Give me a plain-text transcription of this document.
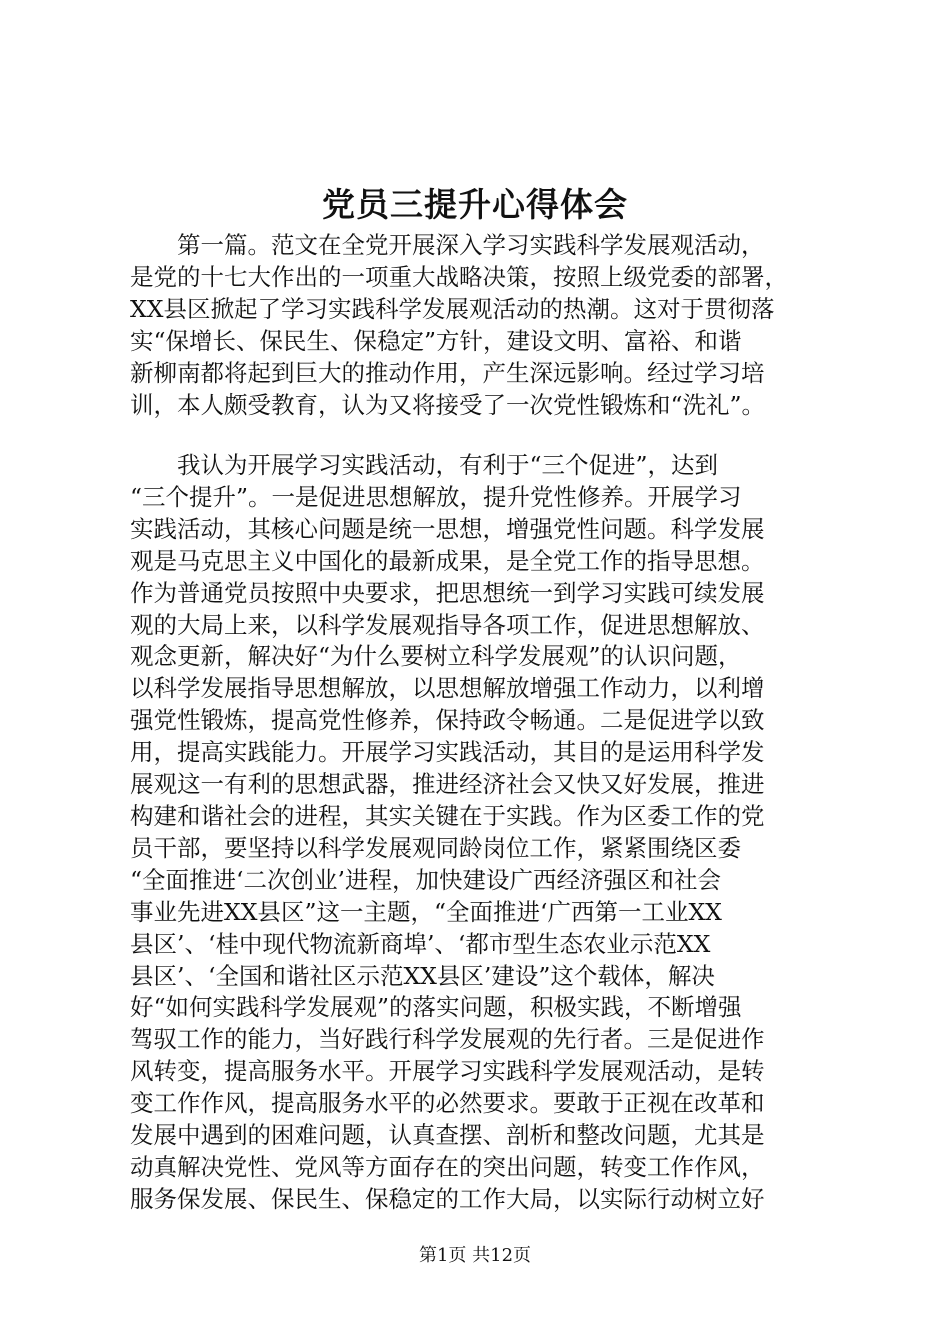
党员三提升心得体会

　　第一篇。范文在全党开展深入学习实践科学发展观活动，
是党的十七大作出的一项重大战略决策，按照上级党委的部署，
XX县区掀起了学习实践科学发展观活动的热潮。这对于贯彻落
实“保增长、保民生、保稳定”方针，建设文明、富裕、和谐
新柳南都将起到巨大的推动作用，产生深远影响。经过学习培
训，本人颇受教育，认为又将接受了一次党性锻炼和“洗礼”。

　　我认为开展学习实践活动，有利于“三个促进”，达到
“三个提升”。一是促进思想解放，提升党性修养。开展学习
实践活动，其核心问题是统一思想，增强党性问题。科学发展
观是马克思主义中国化的最新成果，是全党工作的指导思想。
作为普通党员按照中央要求，把思想统一到学习实践可续发展
观的大局上来，以科学发展观指导各项工作，促进思想解放、
观念更新，解决好“为什么要树立科学发展观”的认识问题，
以科学发展指导思想解放，以思想解放增强工作动力，以利增
强党性锻炼，提高党性修养，保持政令畅通。二是促进学以致
用，提高实践能力。开展学习实践活动，其目的是运用科学发
展观这一有利的思想武器，推进经济社会又快又好发展，推进
构建和谐社会的进程，其实关键在于实践。作为区委工作的党
员干部，要坚持以科学发展观同龄岗位工作，紧紧围绕区委
“全面推进‘二次创业’进程，加快建设广西经济强区和社会
事业先进XX县区”这一主题，“全面推进‘广西第一工业XX
县区’、‘桂中现代物流新商埠’、‘都市型生态农业示范XX
县区’、‘全国和谐社区示范XX县区’建设”这个载体，解决
好“如何实践科学发展观”的落实问题，积极实践，不断增强
驾驭工作的能力，当好践行科学发展观的先行者。三是促进作
风转变，提高服务水平。开展学习实践科学发展观活动，是转
变工作作风，提高服务水平的必然要求。要敢于正视在改革和
发展中遇到的困难问题，认真查摆、剖析和整改问题，尤其是
动真解决党性、党风等方面存在的突出问题，转变工作作风，
服务保发展、保民生、保稳定的工作大局，以实际行动树立好

第1页 共12页
